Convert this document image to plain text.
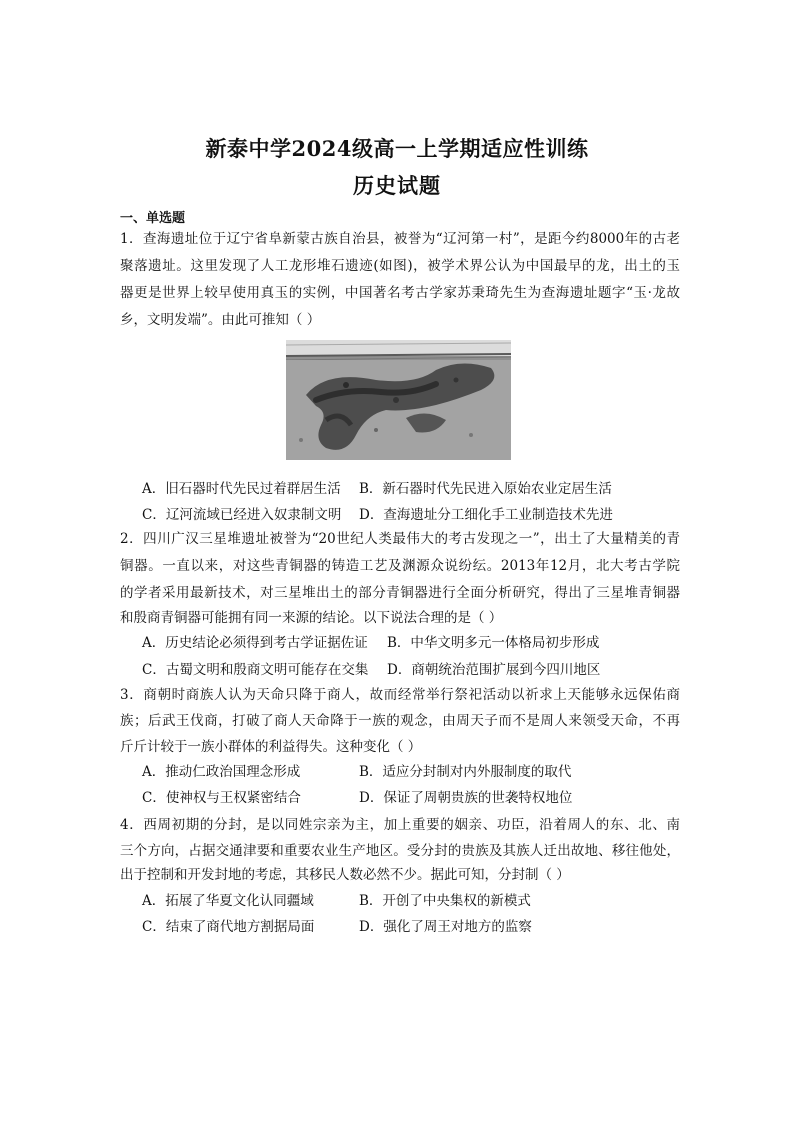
新泰中学2024级高一上学期适应性训练
历史试题
一、单选题
1．查海遗址位于辽宁省阜新蒙古族自治县，被誉为“辽河第一村”，是距今约8000年的古老
聚落遗址。这里发现了人工龙形堆石遗迹(如图)，被学术界公认为中国最早的龙，出土的玉
器更是世界上较早使用真玉的实例，中国著名考古学家苏秉琦先生为查海遗址题字“玉·龙故
乡，文明发端”。由此可推知（ ）
A．旧石器时代先民过着群居生活 B．新石器时代先民进入原始农业定居生活
C．辽河流域已经进入奴隶制文明 D．查海遗址分工细化手工业制造技术先进
2．四川广汉三星堆遗址被誉为“20世纪人类最伟大的考古发现之一”，出土了大量精美的青
铜器。一直以来，对这些青铜器的铸造工艺及渊源众说纷纭。2013年12月，北大考古学院
的学者采用最新技术，对三星堆出土的部分青铜器进行全面分析研究，得出了三星堆青铜器
和殷商青铜器可能拥有同一来源的结论。以下说法合理的是（ ）
A．历史结论必须得到考古学证据佐证 B．中华文明多元一体格局初步形成
C．古蜀文明和殷商文明可能存在交集 D．商朝统治范围扩展到今四川地区
3．商朝时商族人认为天命只降于商人，故而经常举行祭祀活动以祈求上天能够永远保佑商
族；后武王伐商，打破了商人天命降于一族的观念，由周天子而不是周人来领受天命，不再
斤斤计较于一族小群体的利益得失。这种变化（ ）
A．推动仁政治国理念形成	B．适应分封制对内外服制度的取代
C．使神权与王权紧密结合	D．保证了周朝贵族的世袭特权地位
4．西周初期的分封，是以同姓宗亲为主，加上重要的姻亲、功臣，沿着周人的东、北、南
三个方向，占据交通津要和重要农业生产地区。受分封的贵族及其族人迁出故地、移往他处，
出于控制和开发封地的考虑，其移民人数必然不少。据此可知，分封制（ ）
A．拓展了华夏文化认同疆域	B．开创了中央集权的新模式
C．结束了商代地方割据局面	D．强化了周王对地方的监察
